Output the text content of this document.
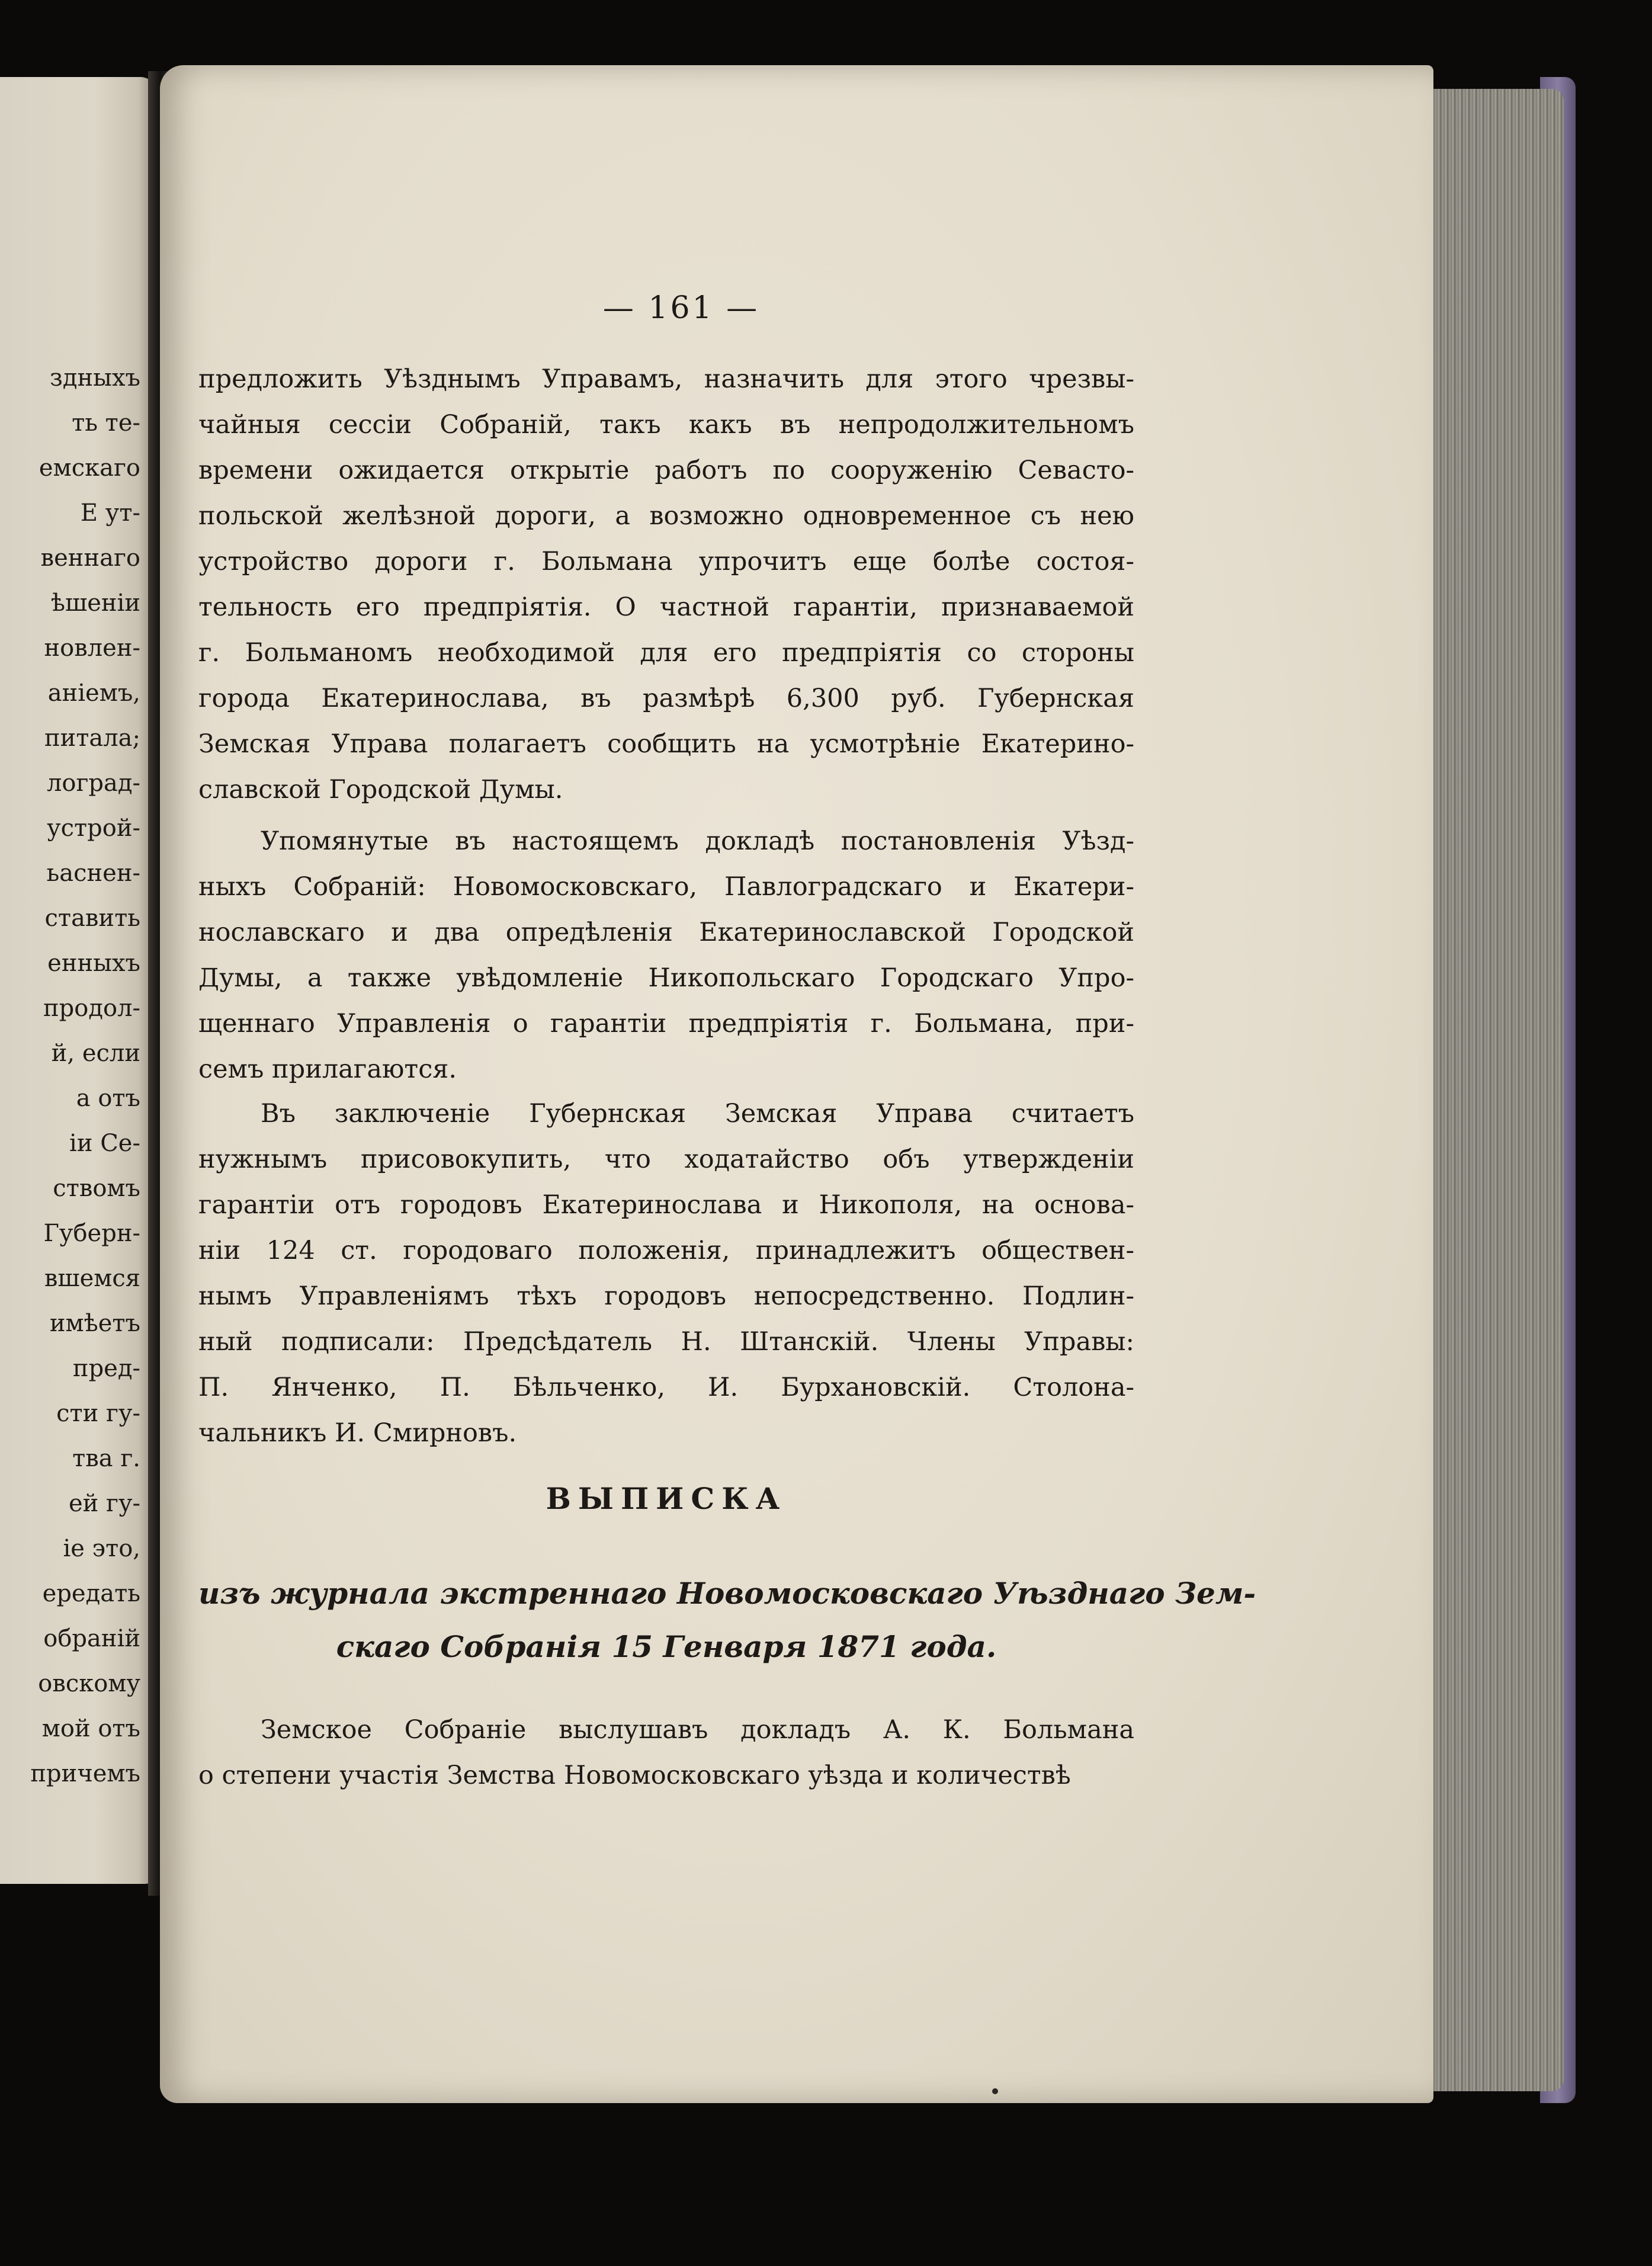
здныхъ
ть те-
емскаго
Е ут-
веннаго
ѣшеніи
новлен-
аніемъ,
питала;
лоград-
устрой-
ьаснен-
ставить
енныхъ
продол-
й, если
а отъ
іи Се-
ствомъ
Губерн-
вшемся
имѣетъ
пред-
сти гу-
тва г.
ей гу-
іе это,
ередать
обраній
овскому
мой отъ
причемъ
— 161 —
предложить Уѣзднымъ Управамъ, назначить для этого чрезвы-
чайныя сессіи Собраній, такъ какъ въ непродолжительномъ
времени ожидается открытіе работъ по сооруженію Севасто-
польской желѣзной дороги, а возможно одновременное съ нею
устройство дороги г. Больмана упрочитъ еще болѣе состоя-
тельность его предпріятія. О частной гарантіи, признаваемой
г. Больманомъ необходимой для его предпріятія со стороны
города Екатеринослава, въ размѣрѣ 6,300 руб. Губернская
Земская Управа полагаетъ сообщить на усмотрѣніе Екатерино-
славской Городской Думы.
Упомянутые въ настоящемъ докладѣ постановленія Уѣзд-
ныхъ Собраній: Новомосковскаго, Павлоградскаго и Екатери-
нославскаго и два опредѣленія Екатеринославской Городской
Думы, а также увѣдомленіе Никопольскаго Городскаго Упро-
щеннаго Управленія о гарантіи предпріятія г. Больмана, при-
семъ прилагаются.
Въ заключеніе Губернская Земская Управа считаетъ
нужнымъ присовокупить, что ходатайство объ утвержденіи
гарантіи отъ городовъ Екатеринослава и Никополя, на основа-
ніи 124 ст. городоваго положенія, принадлежитъ обществен-
нымъ Управленіямъ тѣхъ городовъ непосредственно. Подлин-
ный подписали: Предсѣдатель Н. Штанскій. Члены Управы:
П. Янченко, П. Бѣльченко, И. Бурхановскій. Столона-
чальникъ И. Смирновъ.
Земское Собраніе выслушавъ докладъ А. К. Больмана
о степени участія Земства Новомосковскаго уѣзда и количествѣ
ВЫПИСКА
изъ журнала экстреннаго Новомосковскаго Уѣзднаго Зем-
скаго Собранія 15 Генваря 1871 года.
